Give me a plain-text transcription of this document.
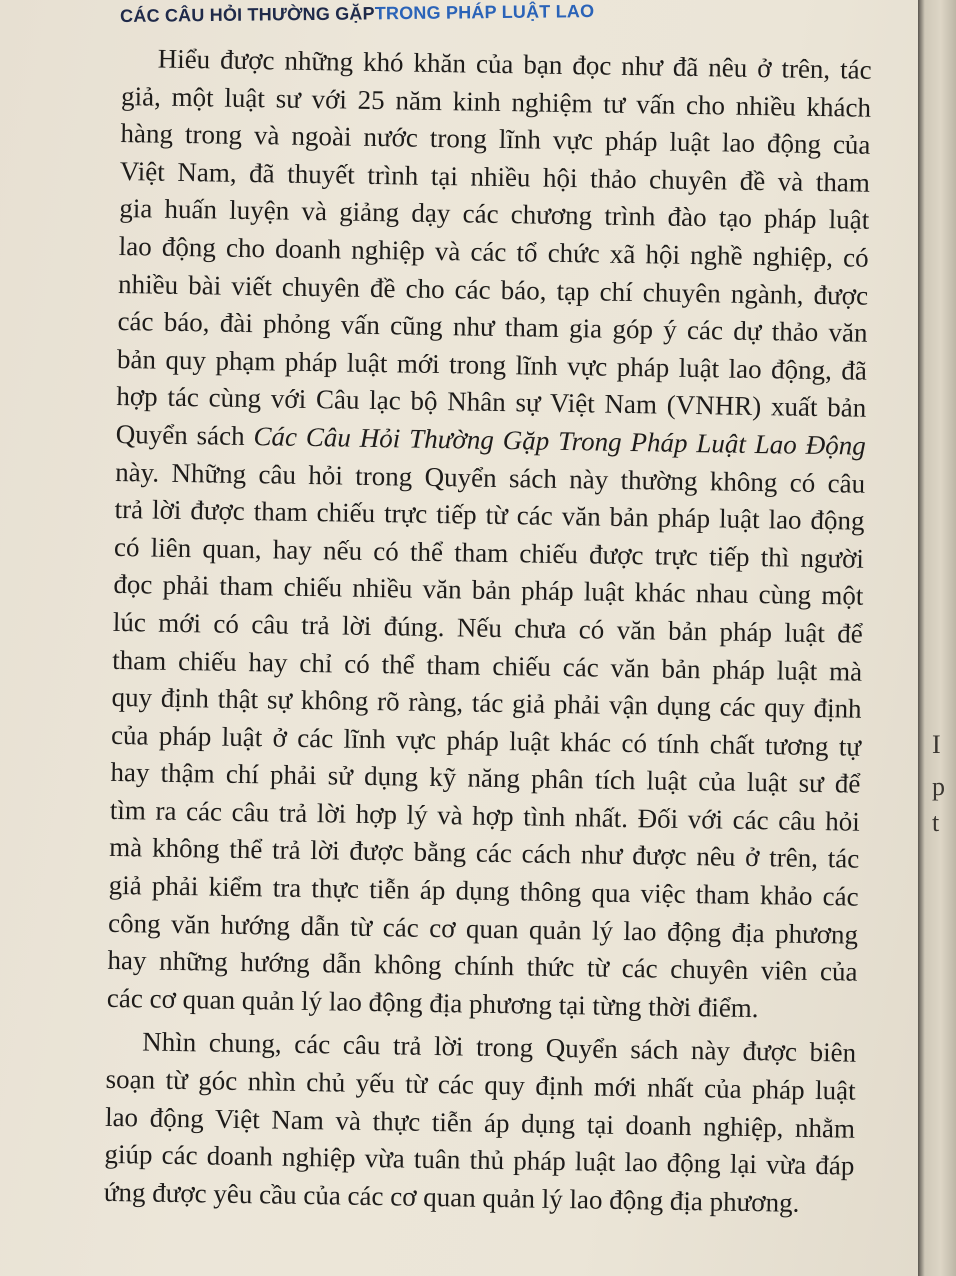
CÁC CÂU HỎI THƯỜNG GẶPTRONG PHÁP LUẬT LAO
Hiểu được những khó khăn của bạn đọc như đã nêu ở trên, tác
giả, một luật sư với 25 năm kinh nghiệm tư vấn cho nhiều khách
hàng trong và ngoài nước trong lĩnh vực pháp luật lao động của
Việt Nam, đã thuyết trình tại nhiều hội thảo chuyên đề và tham
gia huấn luyện và giảng dạy các chương trình đào tạo pháp luật
lao động cho doanh nghiệp và các tổ chức xã hội nghề nghiệp, có
nhiều bài viết chuyên đề cho các báo, tạp chí chuyên ngành, được
các báo, đài phỏng vấn cũng như tham gia góp ý các dự thảo văn
bản quy phạm pháp luật mới trong lĩnh vực pháp luật lao động, đã
hợp tác cùng với Câu lạc bộ Nhân sự Việt Nam (VNHR) xuất bản
Quyển sách Các Câu Hỏi Thường Gặp Trong Pháp Luật Lao Động
này. Những câu hỏi trong Quyển sách này thường không có câu
trả lời được tham chiếu trực tiếp từ các văn bản pháp luật lao động
có liên quan, hay nếu có thể tham chiếu được trực tiếp thì người
đọc phải tham chiếu nhiều văn bản pháp luật khác nhau cùng một
lúc mới có câu trả lời đúng. Nếu chưa có văn bản pháp luật để
tham chiếu hay chỉ có thể tham chiếu các văn bản pháp luật mà
quy định thật sự không rõ ràng, tác giả phải vận dụng các quy định
của pháp luật ở các lĩnh vực pháp luật khác có tính chất tương tự
hay thậm chí phải sử dụng kỹ năng phân tích luật của luật sư để
tìm ra các câu trả lời hợp lý và hợp tình nhất. Đối với các câu hỏi
mà không thể trả lời được bằng các cách như được nêu ở trên, tác
giả phải kiểm tra thực tiễn áp dụng thông qua việc tham khảo các
công văn hướng dẫn từ các cơ quan quản lý lao động địa phương
hay những hướng dẫn không chính thức từ các chuyên viên của
các cơ quan quản lý lao động địa phương tại từng thời điểm.
Nhìn chung, các câu trả lời trong Quyển sách này được biên
soạn từ góc nhìn chủ yếu từ các quy định mới nhất của pháp luật
lao động Việt Nam và thực tiễn áp dụng tại doanh nghiệp, nhằm
giúp các doanh nghiệp vừa tuân thủ pháp luật lao động lại vừa đáp
ứng được yêu cầu của các cơ quan quản lý lao động địa phương.
I
p
t
